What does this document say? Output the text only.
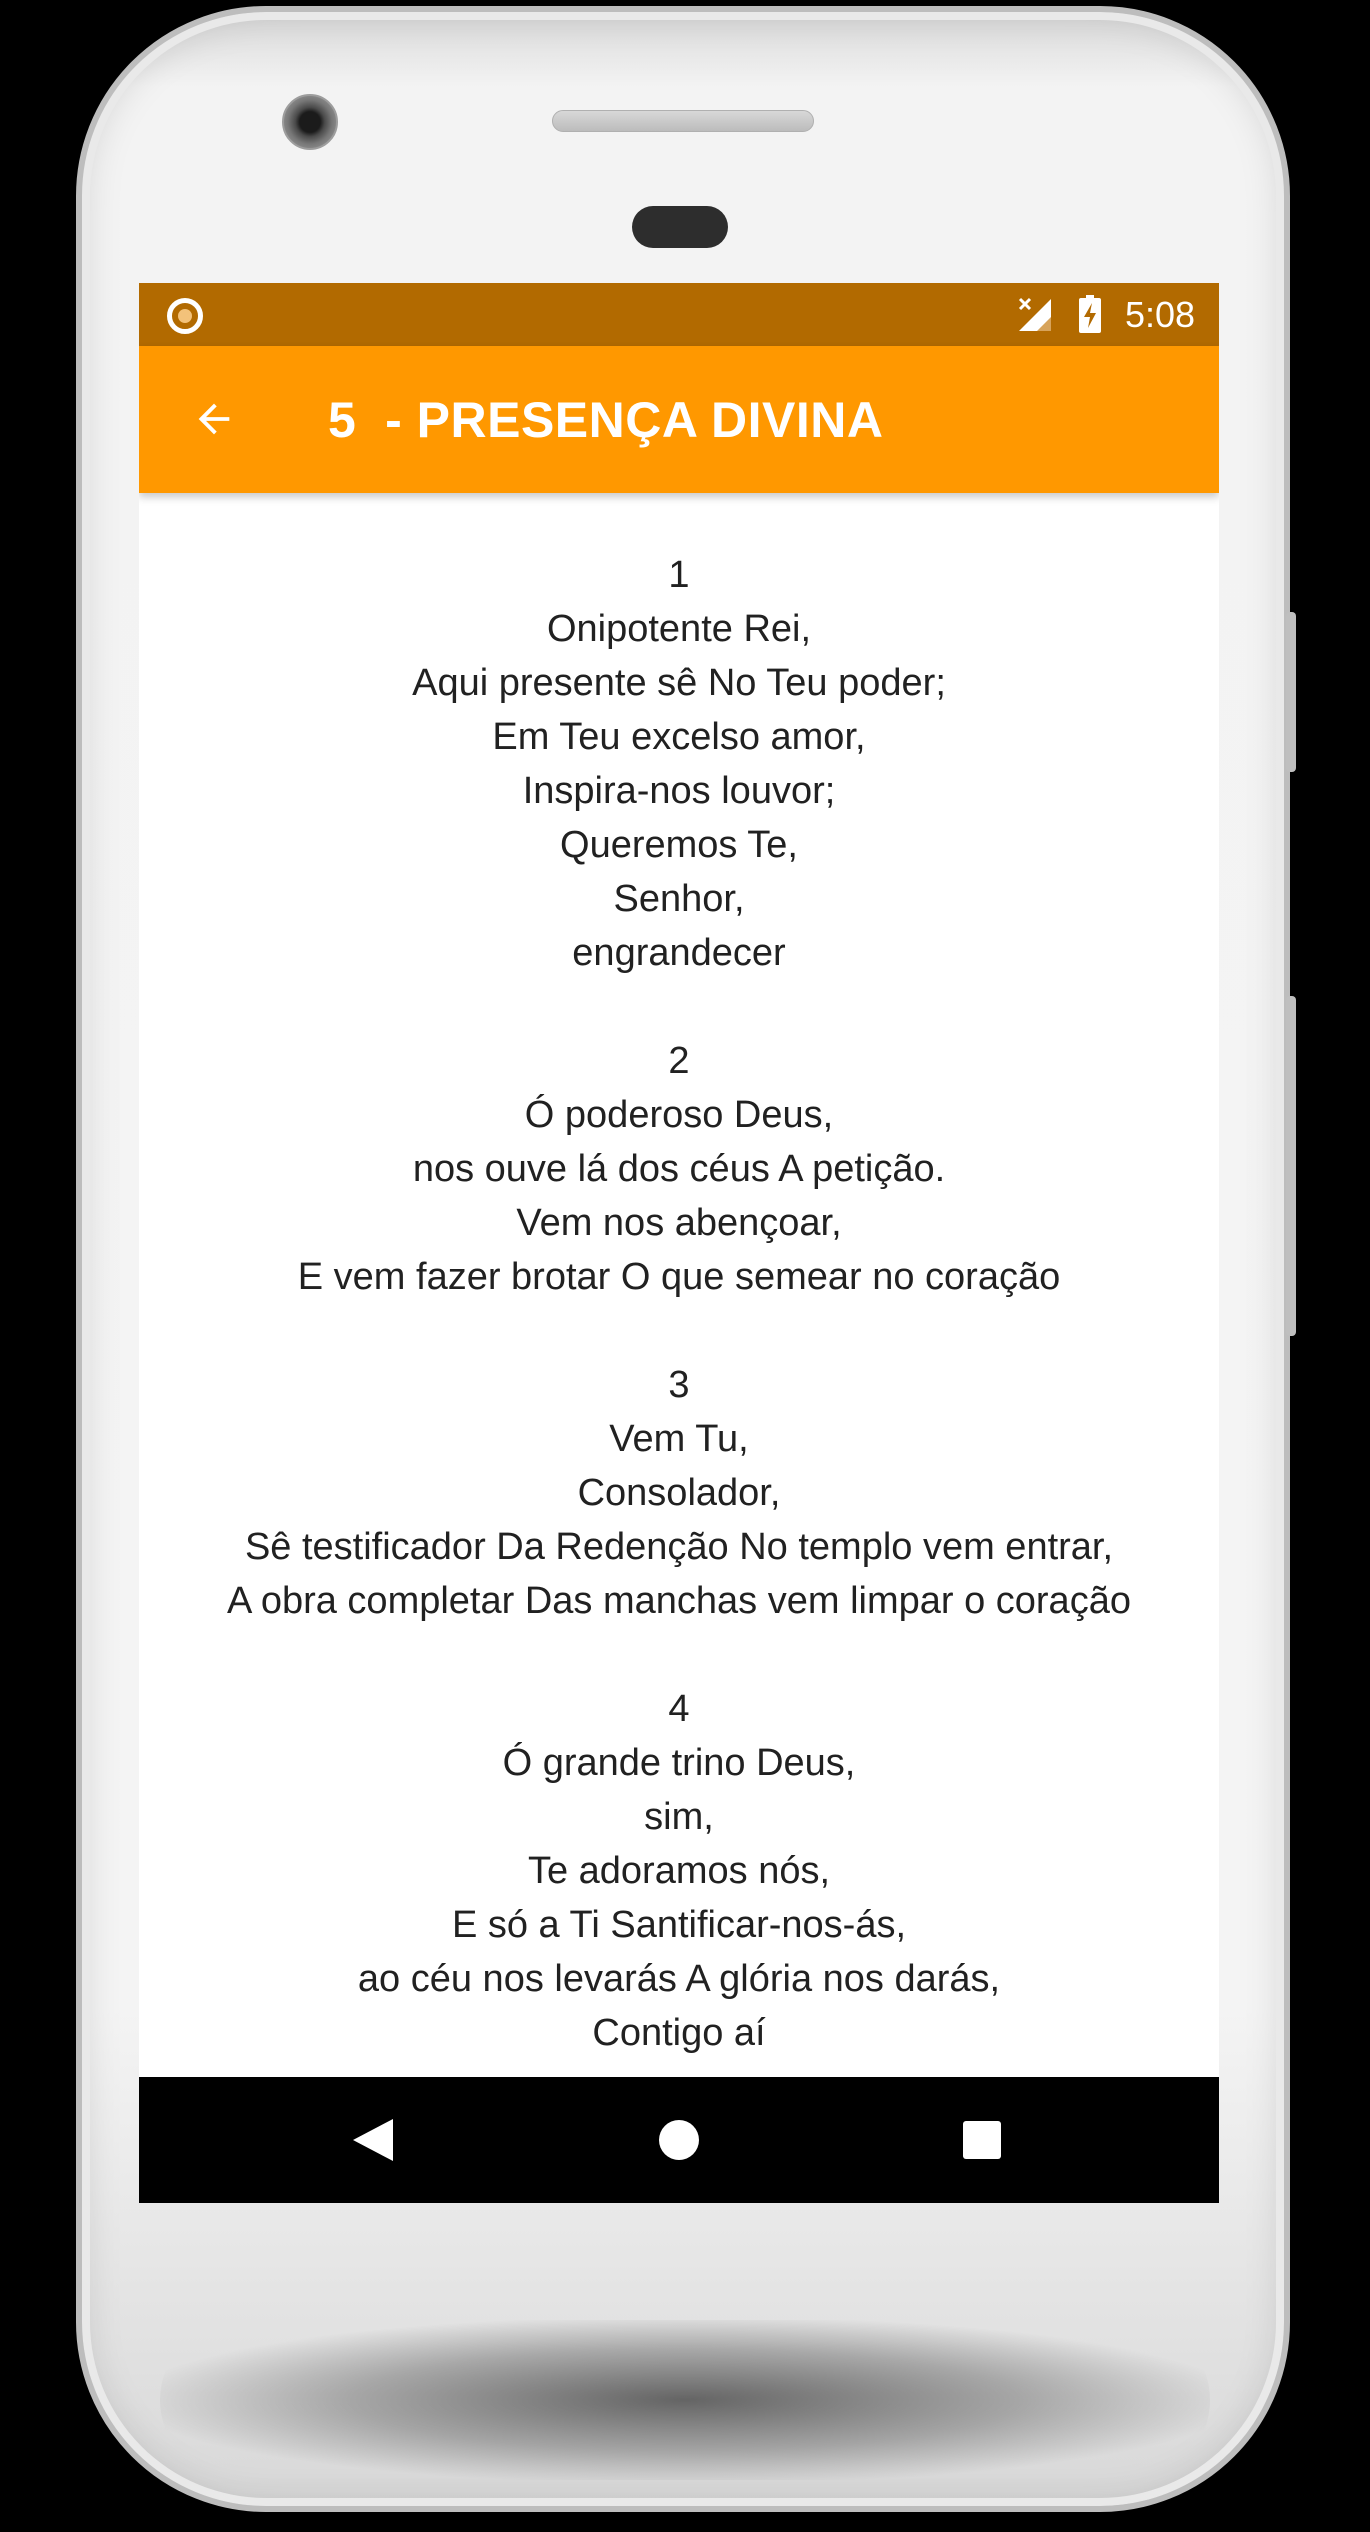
5:08
5  - PRESENÇA DIVINA
1
Onipotente Rei,
Aqui presente sê No Teu poder;
Em Teu excelso amor,
Inspira-nos louvor;
Queremos Te,
Senhor,
engrandecer
2
Ó poderoso Deus,
nos ouve lá dos céus A petição.
Vem nos abençoar,
E vem fazer brotar O que semear no coração
3
Vem Tu,
Consolador,
Sê testificador Da Redenção No templo vem entrar,
A obra completar Das manchas vem limpar o coração
4
Ó grande trino Deus,
sim,
Te adoramos nós,
E só a Ti Santificar-nos-ás,
ao céu nos levarás A glória nos darás,
Contigo aí
